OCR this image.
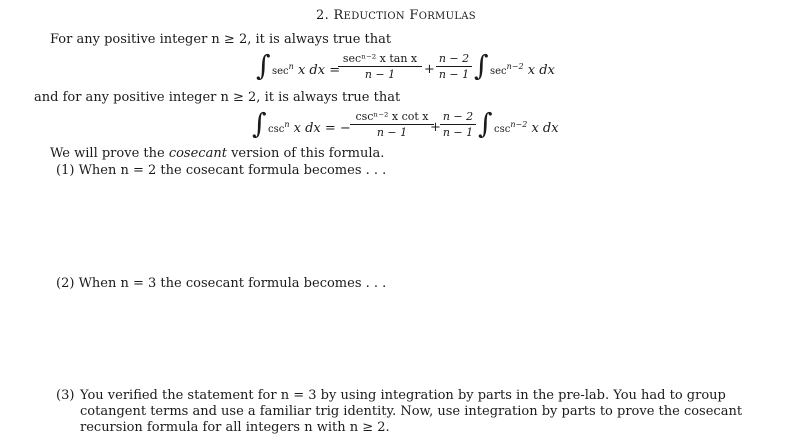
2. REDUCTION FORMULAS
For any positive integer n ≥ 2, it is always true that
∫ $\sec^n x$ dx =
secⁿ⁻² x tan x
n − 1	+
n − 2
n − 1 ∫ $\sec^{n-2} x$ dx
and for any positive integer n ≥ 2, it is always true that
∫ $\csc^n x$ dx = −
cscⁿ⁻² x cot x
n − 1	+
n − 2
n − 1 ∫ $\csc^{n-2} x$ dx
We will prove the cosecant version of this formula.
(1) When n = 2 the cosecant formula becomes . . .
(2) When n = 3 the cosecant formula becomes . . .
(3) You verified the statement for n = 3 by using integration by parts in the pre-lab. You had to group cotangent terms and use a familiar trig identity. Now, use integration by parts to prove the cosecant recursion formula for all integers n with n ≥ 2.
